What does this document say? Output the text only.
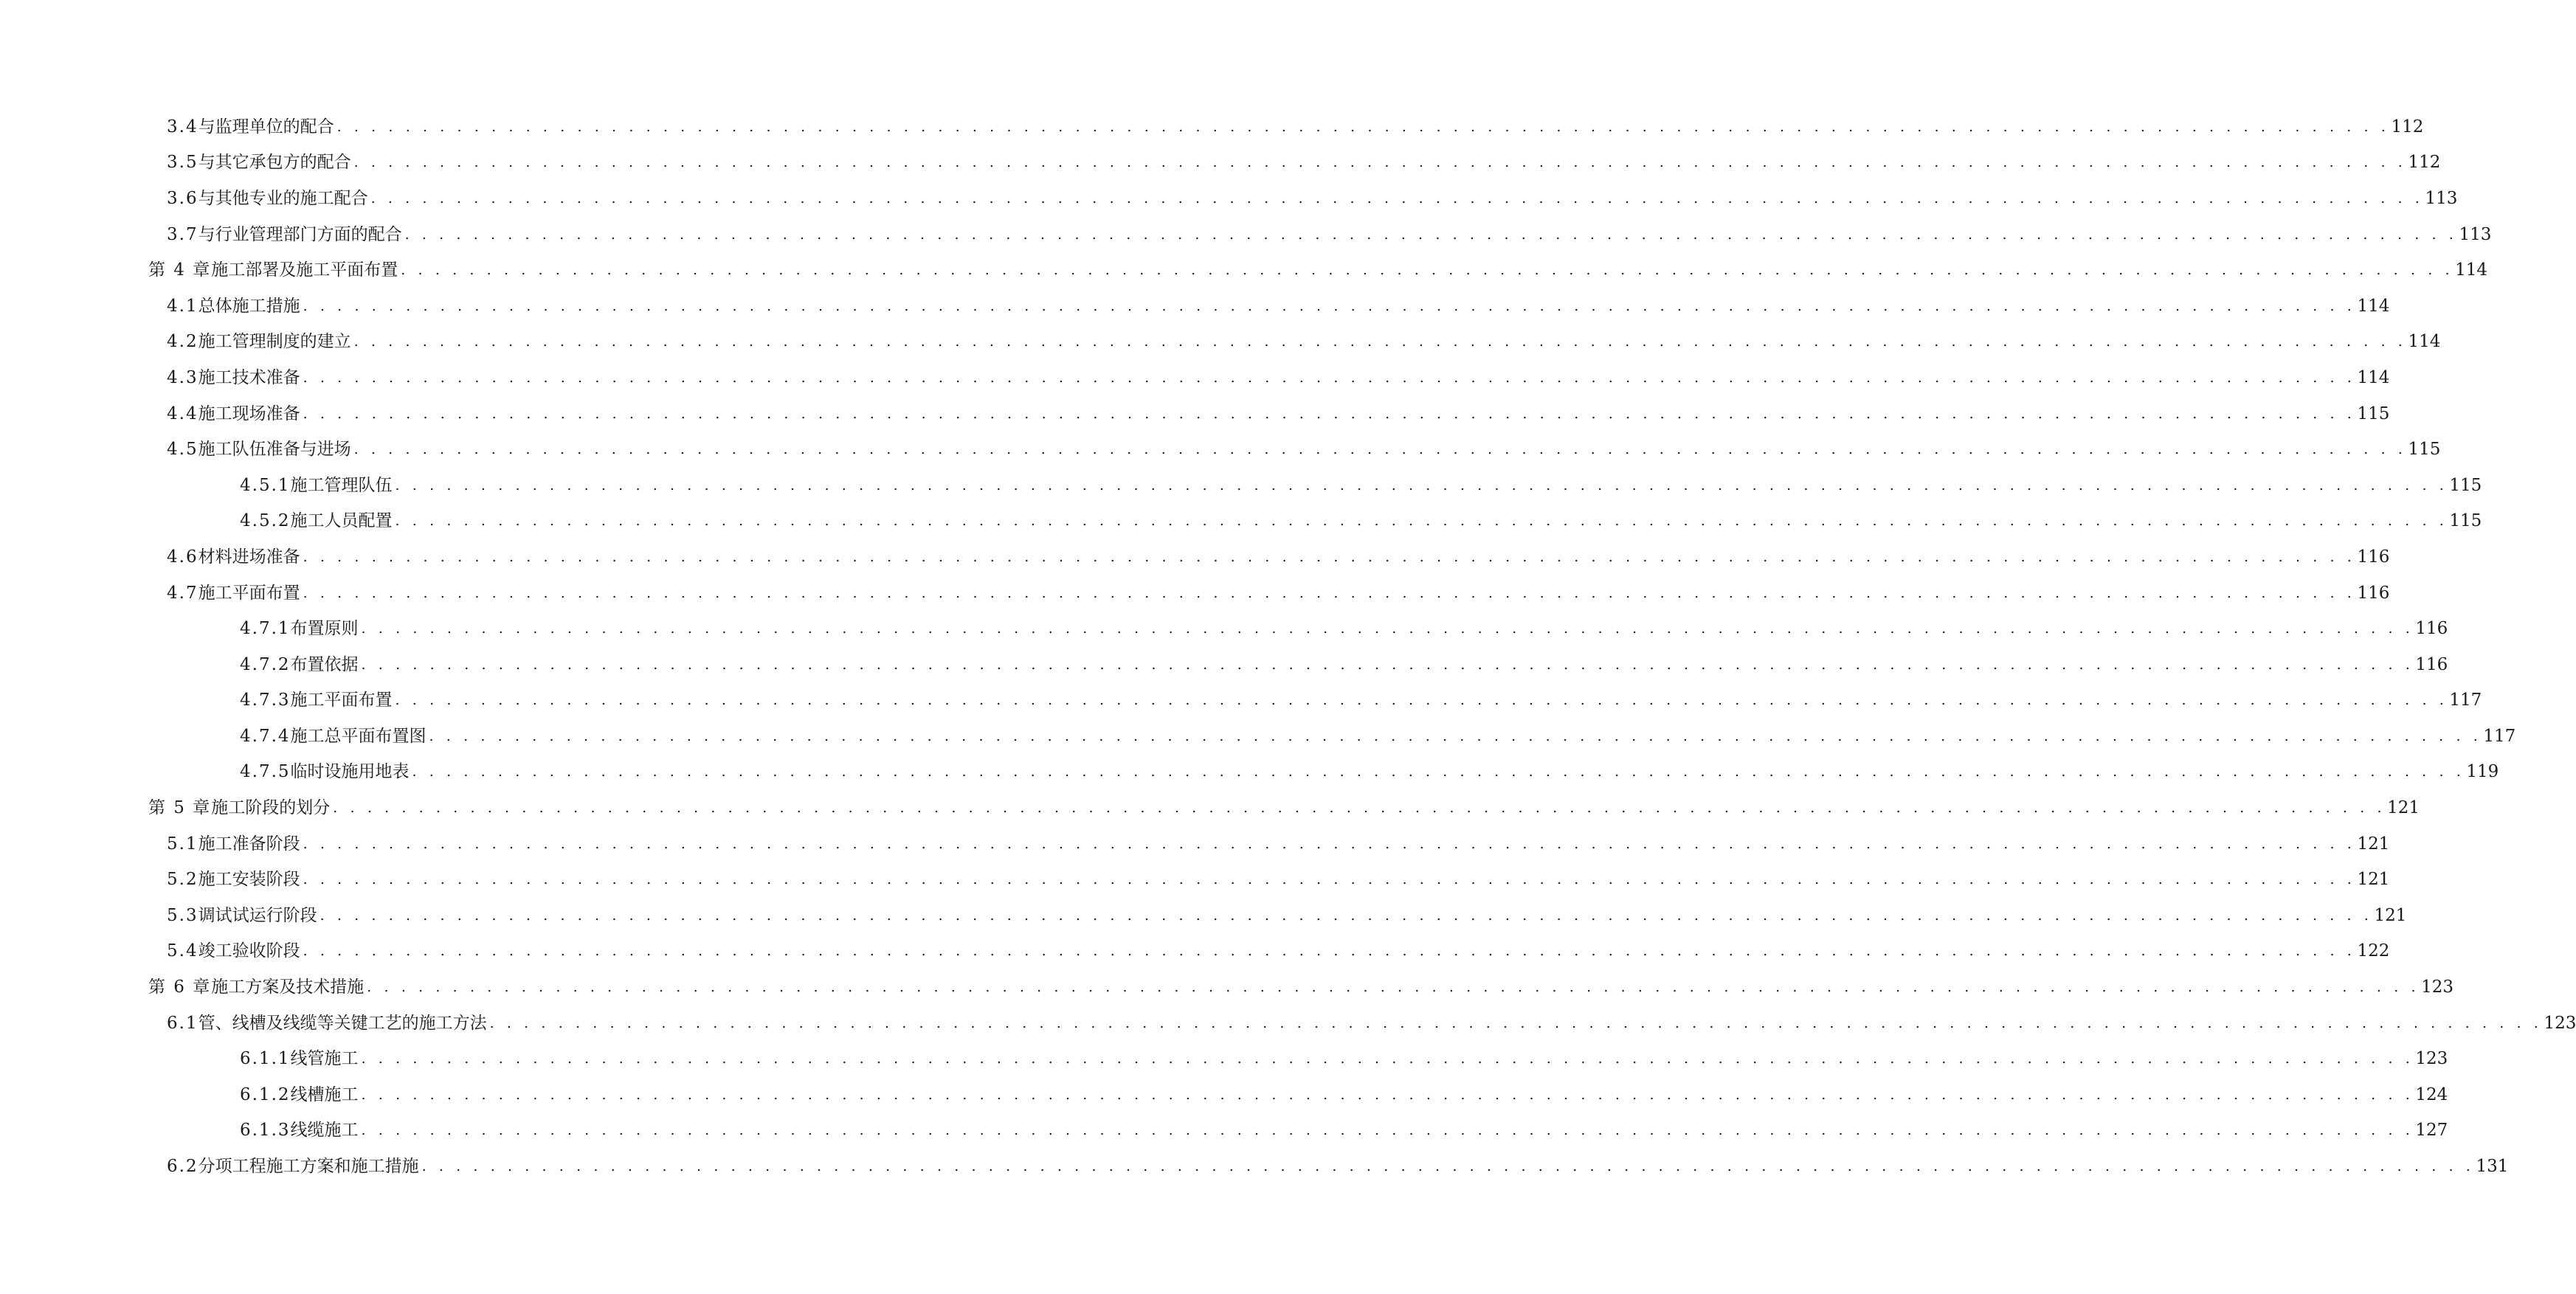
3.4 与监理单位的配合 . . . . . . . . . . . . . . . . . . . . . . . . . . . . . . . . . . . . . . . . . . . . . . . . . . . . . . . . . . . . . . . . . . . . . . . . . . . . . . . . . . . . . . . . . . . . . . . . . . . . . . . . . . . . . . . . . . . . . . . . 112
3.5 与其它承包方的配合 . . . . . . . . . . . . . . . . . . . . . . . . . . . . . . . . . . . . . . . . . . . . . . . . . . . . . . . . . . . . . . . . . . . . . . . . . . . . . . . . . . . . . . . . . . . . . . . . . . . . . . . . . . . . . . . . . . . . . . . . 112
3.6 与其他专业的施工配合 . . . . . . . . . . . . . . . . . . . . . . . . . . . . . . . . . . . . . . . . . . . . . . . . . . . . . . . . . . . . . . . . . . . . . . . . . . . . . . . . . . . . . . . . . . . . . . . . . . . . . . . . . . . . . . . . . . . . . . . . 113
3.7 与行业管理部门方面的配合 . . . . . . . . . . . . . . . . . . . . . . . . . . . . . . . . . . . . . . . . . . . . . . . . . . . . . . . . . . . . . . . . . . . . . . . . . . . . . . . . . . . . . . . . . . . . . . . . . . . . . . . . . . . . . . . . . . . . . . . . 113
第 4 章 施工部署及施工平面布置 . . . . . . . . . . . . . . . . . . . . . . . . . . . . . . . . . . . . . . . . . . . . . . . . . . . . . . . . . . . . . . . . . . . . . . . . . . . . . . . . . . . . . . . . . . . . . . . . . . . . . . . . . . . . . . . . . . . . . . . . 114
4.1 总体施工措施 . . . . . . . . . . . . . . . . . . . . . . . . . . . . . . . . . . . . . . . . . . . . . . . . . . . . . . . . . . . . . . . . . . . . . . . . . . . . . . . . . . . . . . . . . . . . . . . . . . . . . . . . . . . . . . . . . . . . . . . . 114
4.2 施工管理制度的建立 . . . . . . . . . . . . . . . . . . . . . . . . . . . . . . . . . . . . . . . . . . . . . . . . . . . . . . . . . . . . . . . . . . . . . . . . . . . . . . . . . . . . . . . . . . . . . . . . . . . . . . . . . . . . . . . . . . . . . . . . 114
4.3 施工技术准备 . . . . . . . . . . . . . . . . . . . . . . . . . . . . . . . . . . . . . . . . . . . . . . . . . . . . . . . . . . . . . . . . . . . . . . . . . . . . . . . . . . . . . . . . . . . . . . . . . . . . . . . . . . . . . . . . . . . . . . . . 114
4.4 施工现场准备 . . . . . . . . . . . . . . . . . . . . . . . . . . . . . . . . . . . . . . . . . . . . . . . . . . . . . . . . . . . . . . . . . . . . . . . . . . . . . . . . . . . . . . . . . . . . . . . . . . . . . . . . . . . . . . . . . . . . . . . . 115
4.5 施工队伍准备与进场 . . . . . . . . . . . . . . . . . . . . . . . . . . . . . . . . . . . . . . . . . . . . . . . . . . . . . . . . . . . . . . . . . . . . . . . . . . . . . . . . . . . . . . . . . . . . . . . . . . . . . . . . . . . . . . . . . . . . . . . . 115
4.5.1 施工管理队伍 . . . . . . . . . . . . . . . . . . . . . . . . . . . . . . . . . . . . . . . . . . . . . . . . . . . . . . . . . . . . . . . . . . . . . . . . . . . . . . . . . . . . . . . . . . . . . . . . . . . . . . . . . . . . . . . . . . . . . . . . 115
4.5.2 施工人员配置 . . . . . . . . . . . . . . . . . . . . . . . . . . . . . . . . . . . . . . . . . . . . . . . . . . . . . . . . . . . . . . . . . . . . . . . . . . . . . . . . . . . . . . . . . . . . . . . . . . . . . . . . . . . . . . . . . . . . . . . . 115
4.6 材料进场准备 . . . . . . . . . . . . . . . . . . . . . . . . . . . . . . . . . . . . . . . . . . . . . . . . . . . . . . . . . . . . . . . . . . . . . . . . . . . . . . . . . . . . . . . . . . . . . . . . . . . . . . . . . . . . . . . . . . . . . . . . 116
4.7 施工平面布置 . . . . . . . . . . . . . . . . . . . . . . . . . . . . . . . . . . . . . . . . . . . . . . . . . . . . . . . . . . . . . . . . . . . . . . . . . . . . . . . . . . . . . . . . . . . . . . . . . . . . . . . . . . . . . . . . . . . . . . . . 116
4.7.1 布置原则 . . . . . . . . . . . . . . . . . . . . . . . . . . . . . . . . . . . . . . . . . . . . . . . . . . . . . . . . . . . . . . . . . . . . . . . . . . . . . . . . . . . . . . . . . . . . . . . . . . . . . . . . . . . . . . . . . . . . . . . . 116
4.7.2 布置依据 . . . . . . . . . . . . . . . . . . . . . . . . . . . . . . . . . . . . . . . . . . . . . . . . . . . . . . . . . . . . . . . . . . . . . . . . . . . . . . . . . . . . . . . . . . . . . . . . . . . . . . . . . . . . . . . . . . . . . . . . 116
4.7.3 施工平面布置 . . . . . . . . . . . . . . . . . . . . . . . . . . . . . . . . . . . . . . . . . . . . . . . . . . . . . . . . . . . . . . . . . . . . . . . . . . . . . . . . . . . . . . . . . . . . . . . . . . . . . . . . . . . . . . . . . . . . . . . . 117
4.7.4 施工总平面布置图 . . . . . . . . . . . . . . . . . . . . . . . . . . . . . . . . . . . . . . . . . . . . . . . . . . . . . . . . . . . . . . . . . . . . . . . . . . . . . . . . . . . . . . . . . . . . . . . . . . . . . . . . . . . . . . . . . . . . . . . . 117
4.7.5 临时设施用地表 . . . . . . . . . . . . . . . . . . . . . . . . . . . . . . . . . . . . . . . . . . . . . . . . . . . . . . . . . . . . . . . . . . . . . . . . . . . . . . . . . . . . . . . . . . . . . . . . . . . . . . . . . . . . . . . . . . . . . . . . 119
第 5 章 施工阶段的划分 . . . . . . . . . . . . . . . . . . . . . . . . . . . . . . . . . . . . . . . . . . . . . . . . . . . . . . . . . . . . . . . . . . . . . . . . . . . . . . . . . . . . . . . . . . . . . . . . . . . . . . . . . . . . . . . . . . . . . . . . 121
5.1 施工准备阶段 . . . . . . . . . . . . . . . . . . . . . . . . . . . . . . . . . . . . . . . . . . . . . . . . . . . . . . . . . . . . . . . . . . . . . . . . . . . . . . . . . . . . . . . . . . . . . . . . . . . . . . . . . . . . . . . . . . . . . . . . 121
5.2 施工安装阶段 . . . . . . . . . . . . . . . . . . . . . . . . . . . . . . . . . . . . . . . . . . . . . . . . . . . . . . . . . . . . . . . . . . . . . . . . . . . . . . . . . . . . . . . . . . . . . . . . . . . . . . . . . . . . . . . . . . . . . . . . 121
5.3 调试试运行阶段 . . . . . . . . . . . . . . . . . . . . . . . . . . . . . . . . . . . . . . . . . . . . . . . . . . . . . . . . . . . . . . . . . . . . . . . . . . . . . . . . . . . . . . . . . . . . . . . . . . . . . . . . . . . . . . . . . . . . . . . . 121
5.4 竣工验收阶段 . . . . . . . . . . . . . . . . . . . . . . . . . . . . . . . . . . . . . . . . . . . . . . . . . . . . . . . . . . . . . . . . . . . . . . . . . . . . . . . . . . . . . . . . . . . . . . . . . . . . . . . . . . . . . . . . . . . . . . . . 122
第 6 章 施工方案及技术措施 . . . . . . . . . . . . . . . . . . . . . . . . . . . . . . . . . . . . . . . . . . . . . . . . . . . . . . . . . . . . . . . . . . . . . . . . . . . . . . . . . . . . . . . . . . . . . . . . . . . . . . . . . . . . . . . . . . . . . . . . 123
6.1 管、线槽及线缆等关键工艺的施工方法 . . . . . . . . . . . . . . . . . . . . . . . . . . . . . . . . . . . . . . . . . . . . . . . . . . . . . . . . . . . . . . . . . . . . . . . . . . . . . . . . . . . . . . . . . . . . . . . . . . . . . . . . . . . . . . . . . . . . . . . . 123
6.1.1 线管施工 . . . . . . . . . . . . . . . . . . . . . . . . . . . . . . . . . . . . . . . . . . . . . . . . . . . . . . . . . . . . . . . . . . . . . . . . . . . . . . . . . . . . . . . . . . . . . . . . . . . . . . . . . . . . . . . . . . . . . . . . 123
6.1.2 线槽施工 . . . . . . . . . . . . . . . . . . . . . . . . . . . . . . . . . . . . . . . . . . . . . . . . . . . . . . . . . . . . . . . . . . . . . . . . . . . . . . . . . . . . . . . . . . . . . . . . . . . . . . . . . . . . . . . . . . . . . . . . 124
6.1.3 线缆施工 . . . . . . . . . . . . . . . . . . . . . . . . . . . . . . . . . . . . . . . . . . . . . . . . . . . . . . . . . . . . . . . . . . . . . . . . . . . . . . . . . . . . . . . . . . . . . . . . . . . . . . . . . . . . . . . . . . . . . . . . 127
6.2 分项工程施工方案和施工措施 . . . . . . . . . . . . . . . . . . . . . . . . . . . . . . . . . . . . . . . . . . . . . . . . . . . . . . . . . . . . . . . . . . . . . . . . . . . . . . . . . . . . . . . . . . . . . . . . . . . . . . . . . . . . . . . . . . . . . . . . 131
